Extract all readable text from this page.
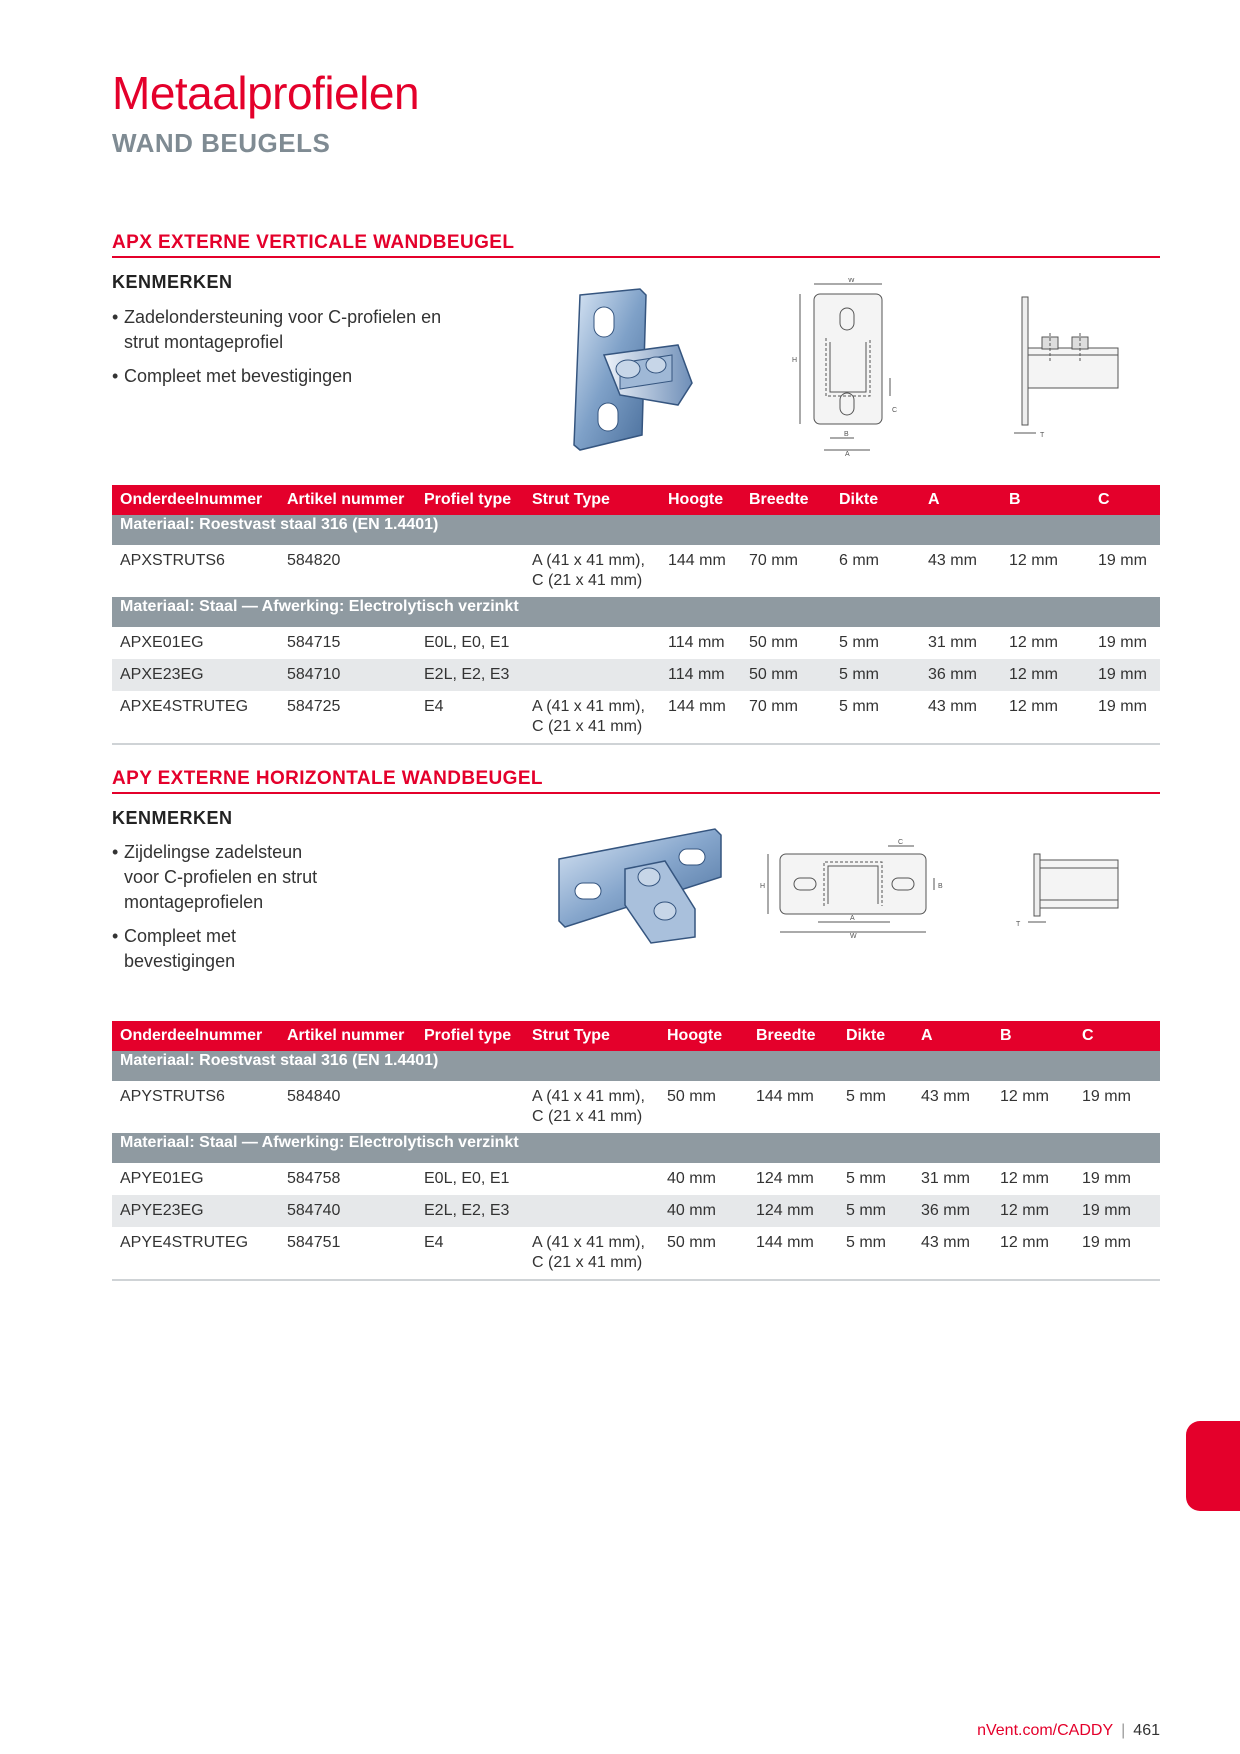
Metaalprofielen
WAND BEUGELS
APX EXTERNE VERTICALE WANDBEUGEL
KENMERKEN
• Zadelondersteuning voor C-profielen en strut montageprofiel
• Compleet met bevestigingen
W
H
C
B
A
T
Onderdeelnummer	Artikel nummer	Profiel type	Strut Type	Hoogte	Breedte	Dikte	A	B	C
Materiaal: Roestvast staal 316 (EN 1.4401)									
APXSTRUTS6	584820		A (41 x 41 mm),
C (21 x 41 mm)	144 mm	70 mm	6 mm	43 mm	12 mm	19 mm
Materiaal: Staal — Afwerking: Electrolytisch verzinkt									
APXE01EG	584715	E0L, E0, E1		114 mm	50 mm	5 mm	31 mm	12 mm	19 mm
APXE23EG	584710	E2L, E2, E3		114 mm	50 mm	5 mm	36 mm	12 mm	19 mm
APXE4STRUTEG	584725	E4	A (41 x 41 mm),
C (21 x 41 mm)	144 mm	70 mm	5 mm	43 mm	12 mm	19 mm
APY EXTERNE HORIZONTALE WANDBEUGEL
KENMERKEN
• Zijdelingse zadelsteun voor C-profielen en strut montageprofielen
• Compleet met bevestigingen
H
C
B
A
W
T
Onderdeelnummer	Artikel nummer	Profiel type	Strut Type	Hoogte	Breedte	Dikte	A	B	C
Materiaal: Roestvast staal 316 (EN 1.4401)									
APYSTRUTS6	584840		A (41 x 41 mm),
C (21 x 41 mm)	50 mm	144 mm	5 mm	43 mm	12 mm	19 mm
Materiaal: Staal — Afwerking: Electrolytisch verzinkt									
APYE01EG	584758	E0L, E0, E1		40 mm	124 mm	5 mm	31 mm	12 mm	19 mm
APYE23EG	584740	E2L, E2, E3		40 mm	124 mm	5 mm	36 mm	12 mm	19 mm
APYE4STRUTEG	584751	E4	A (41 x 41 mm),
C (21 x 41 mm)	50 mm	144 mm	5 mm	43 mm	12 mm	19 mm
nVent.com/CADDY | 461
